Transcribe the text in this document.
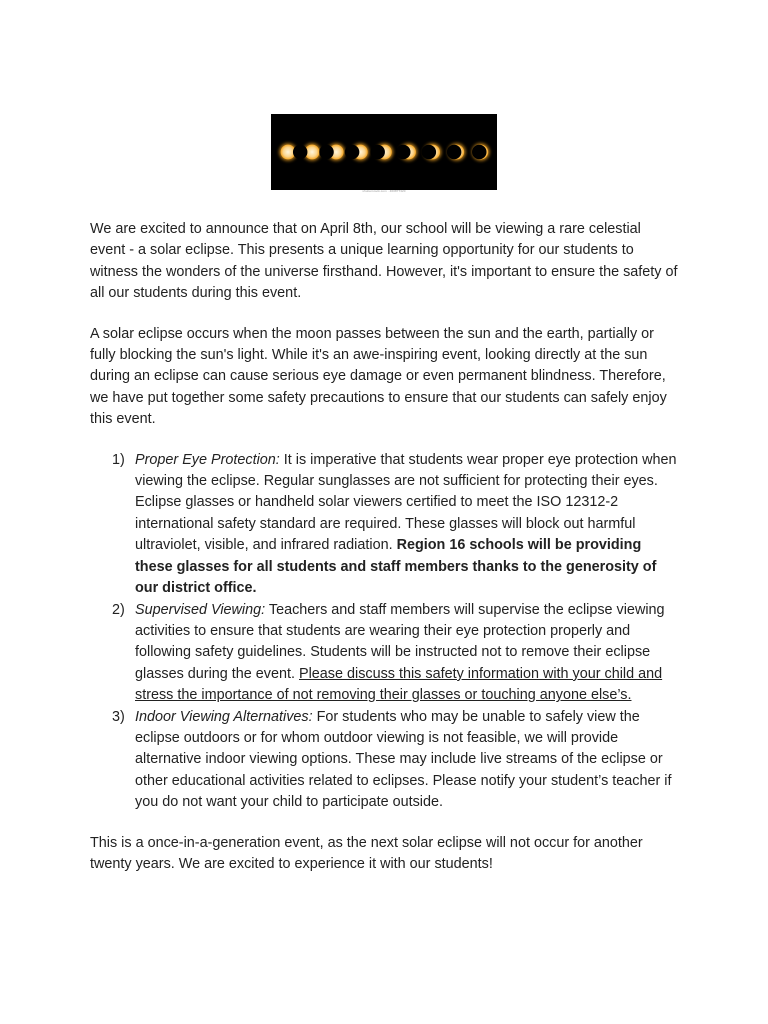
shutterstock.com · 460877320

We are excited to announce that on April 8th, our school will be viewing a rare celestial event - a solar eclipse. This presents a unique learning opportunity for our students to witness the wonders of the universe firsthand. However, it's important to ensure the safety of all our students during this event.

A solar eclipse occurs when the moon passes between the sun and the earth, partially or fully blocking the sun's light. While it's an awe-inspiring event, looking directly at the sun during an eclipse can cause serious eye damage or even permanent blindness. Therefore, we have put together some safety precautions to ensure that our students can safely enjoy this event.

1) Proper Eye Protection: It is imperative that students wear proper eye protection when viewing the eclipse. Regular sunglasses are not sufficient for protecting their eyes. Eclipse glasses or handheld solar viewers certified to meet the ISO 12312-2 international safety standard are required. These glasses will block out harmful ultraviolet, visible, and infrared radiation. Region 16 schools will be providing these glasses for all students and staff members thanks to the generosity of our district office.
2) Supervised Viewing: Teachers and staff members will supervise the eclipse viewing activities to ensure that students are wearing their eye protection properly and following safety guidelines. Students will be instructed not to remove their eclipse glasses during the event. Please discuss this safety information with your child and stress the importance of not removing their glasses or touching anyone else’s.
3) Indoor Viewing Alternatives: For students who may be unable to safely view the eclipse outdoors or for whom outdoor viewing is not feasible, we will provide alternative indoor viewing options. These may include live streams of the eclipse or other educational activities related to eclipses. Please notify your student’s teacher if you do not want your child to participate outside.

This is a once-in-a-generation event, as the next solar eclipse will not occur for another twenty years. We are excited to experience it with our students!
